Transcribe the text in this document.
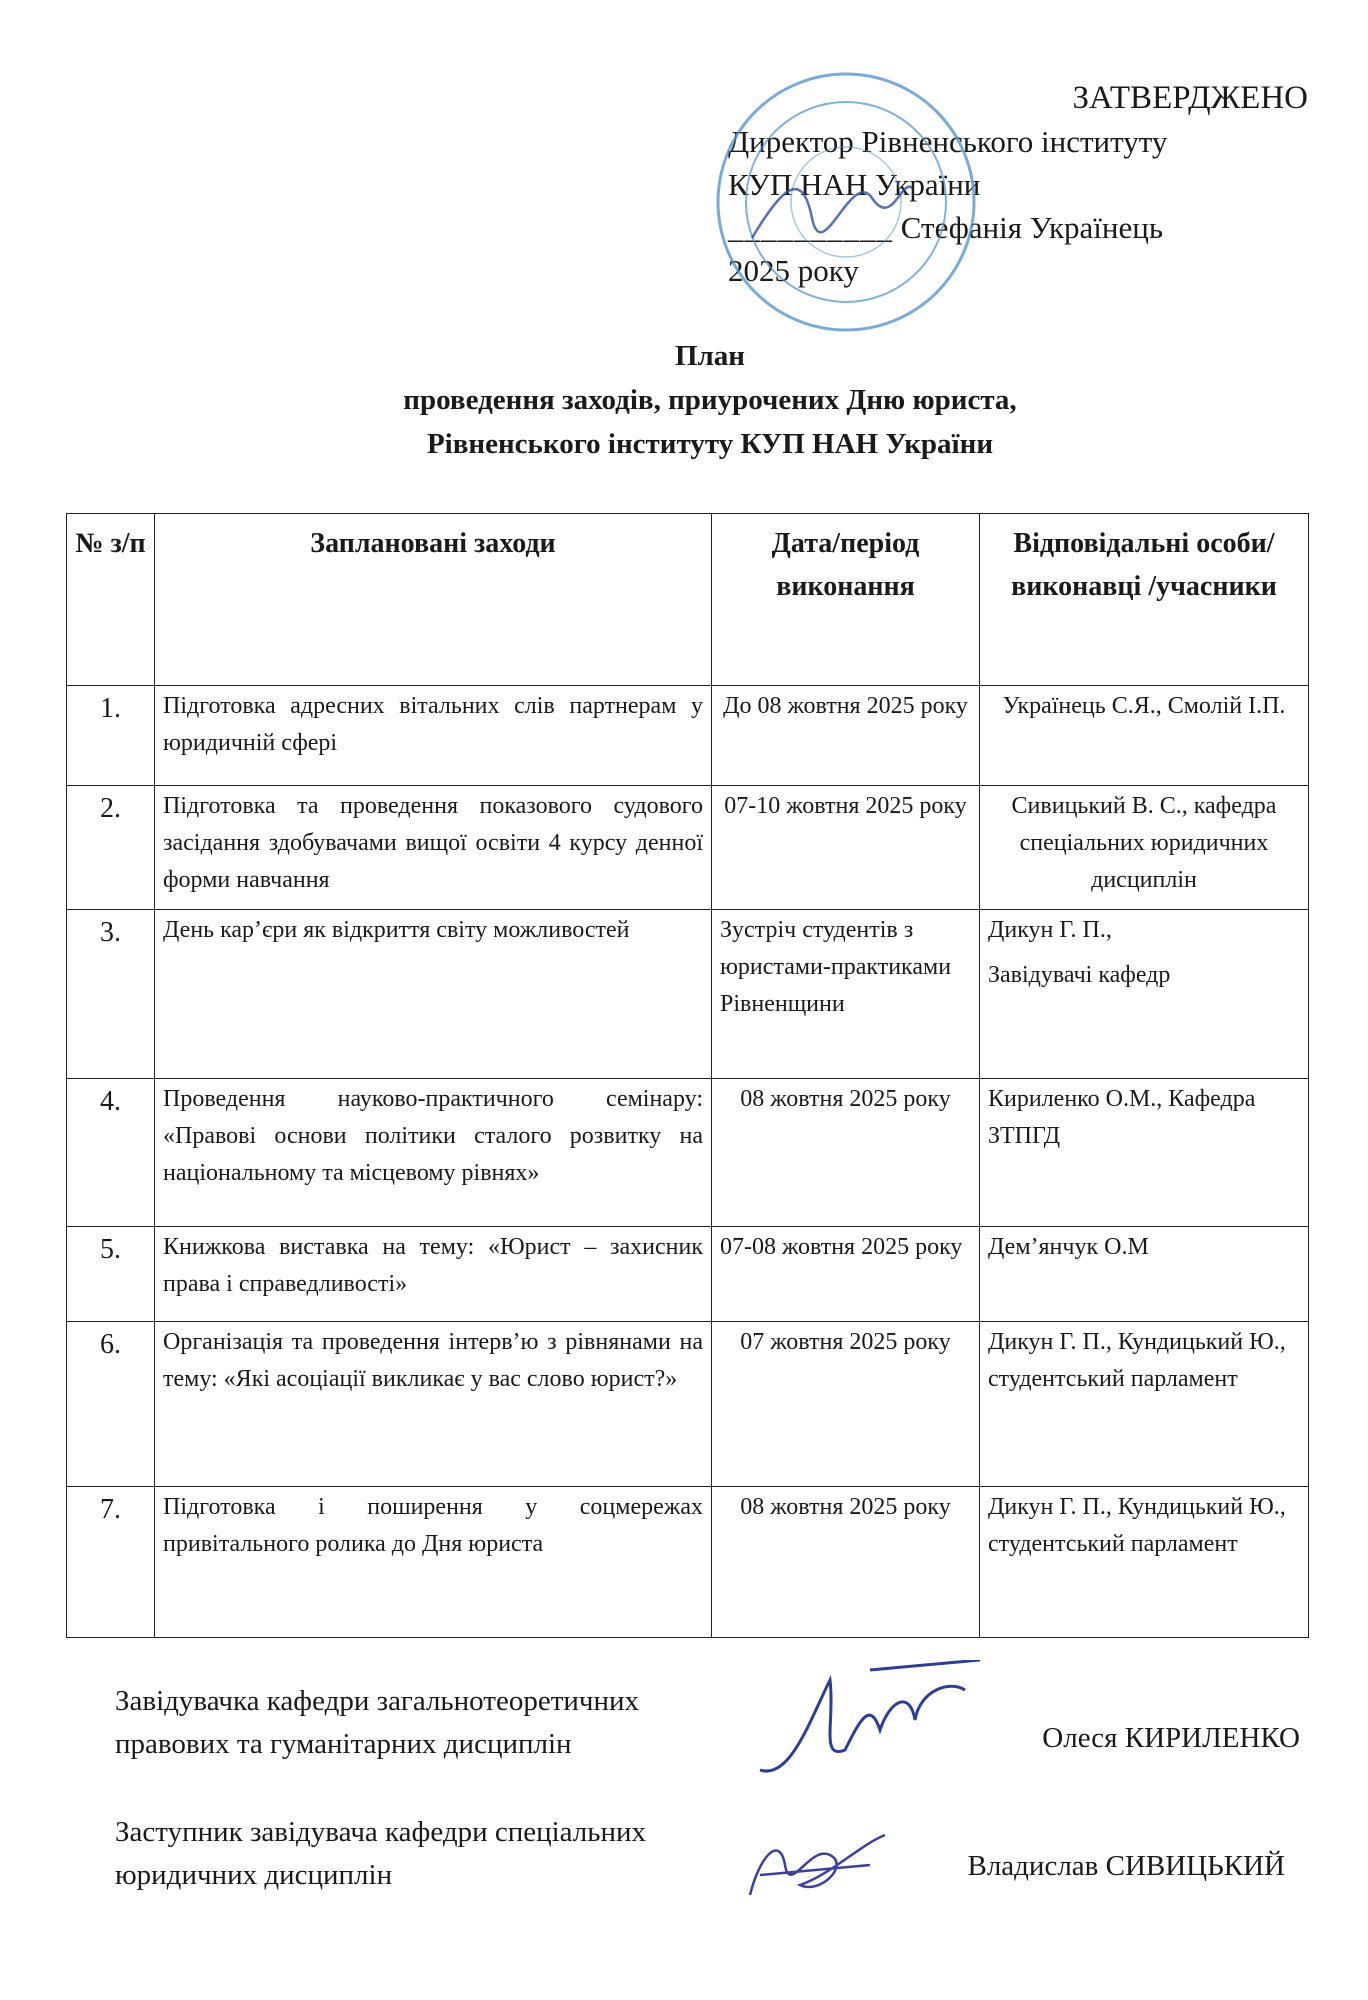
ЗАТВЕРДЖЕНО
Директор Рівненського інституту
КУП НАН України
__________ Стефанія Українець
2025 року
План
проведення заходів, приурочених Дню юриста,
Рівненського інституту КУП НАН України
№ з/п	Заплановані заходи	Дата/період виконання	Відповідальні особи/виконавці /учасники
1.	Підготовка адресних вітальних слів партнерам у юридичній сфері	До 08 жовтня 2025 року	Українець С.Я., Смолій І.П.
2.	Підготовка та проведення показового судового засідання здобувачами вищої освіти 4 курсу денної форми навчання	07-10 жовтня 2025 року	Сивицький В. С., кафедра спеціальних юридичних дисциплін
3.	День кар’єри як відкриття світу можливостей	Зустріч студентів з юристами-практиками Рівненщини	Дикун Г. П.,
Завідувачі кафедр

4.	Проведення науково-практичного семінару: «Правові основи політики сталого розвитку на національному та місцевому рівнях»	08 жовтня 2025 року	Кириленко О.М., Кафедра ЗТПГД
5.	Книжкова виставка на тему: «Юрист – захисник права і справедливості»	07-08 жовтня 2025 року	Дем’янчук О.М
6.	Організація та проведення інтерв’ю з рівнянами на тему: «Які асоціації викликає у вас слово юрист?»	07 жовтня 2025 року	Дикун Г. П., Кундицький Ю., студентський парламент
7.	Підготовка і поширення у соцмережах привітального ролика до Дня юриста	08 жовтня 2025 року	Дикун Г. П., Кундицький Ю., студентський парламент
Завідувачка кафедри загальнотеоретичних
правових та гуманітарних дисциплін	Олеся КИРИЛЕНКО
Заступник завідувача кафедри спеціальних
юридичних дисциплін	Владислав СИВИЦЬКИЙ
